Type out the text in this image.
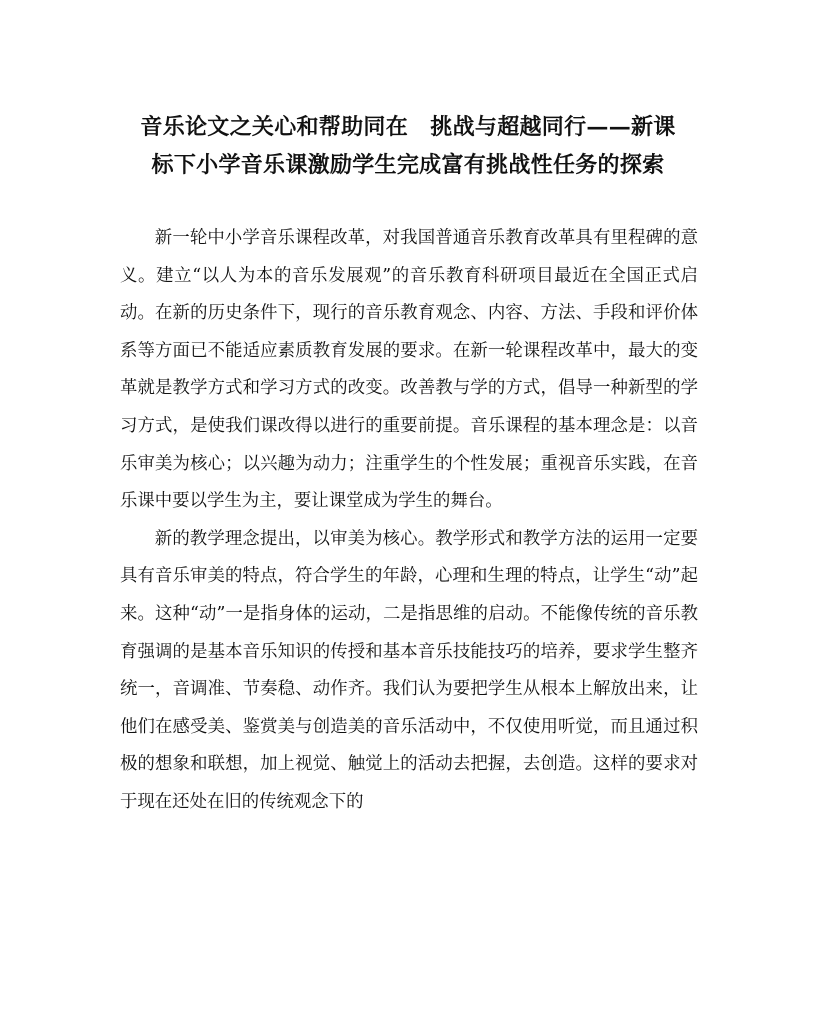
音乐论文之关心和帮助同在　挑战与超越同行——新课
标下小学音乐课激励学生完成富有挑战性任务的探索

新一轮中小学音乐课程改革，对我国普通音乐教育改革具有里程碑的意义。建立“以人为本的音乐发展观”的音乐教育科研项目最近在全国正式启动。在新的历史条件下，现行的音乐教育观念、内容、方法、手段和评价体系等方面已不能适应素质教育发展的要求。在新一轮课程改革中，最大的变革就是教学方式和学习方式的改变。改善教与学的方式，倡导一种新型的学习方式，是使我们课改得以进行的重要前提。音乐课程的基本理念是：以音乐审美为核心；以兴趣为动力；注重学生的个性发展；重视音乐实践，在音乐课中要以学生为主，要让课堂成为学生的舞台。

新的教学理念提出，以审美为核心。教学形式和教学方法的运用一定要具有音乐审美的特点，符合学生的年龄，心理和生理的特点，让学生“动”起来。这种“动”一是指身体的运动，二是指思维的启动。不能像传统的音乐教育强调的是基本音乐知识的传授和基本音乐技能技巧的培养，要求学生整齐统一，音调准、节奏稳、动作齐。我们认为要把学生从根本上解放出来，让他们在感受美、鉴赏美与创造美的音乐活动中，不仅使用听觉，而且通过积极的想象和联想，加上视觉、触觉上的活动去把握，去创造。这样的要求对于现在还处在旧的传统观念下的
